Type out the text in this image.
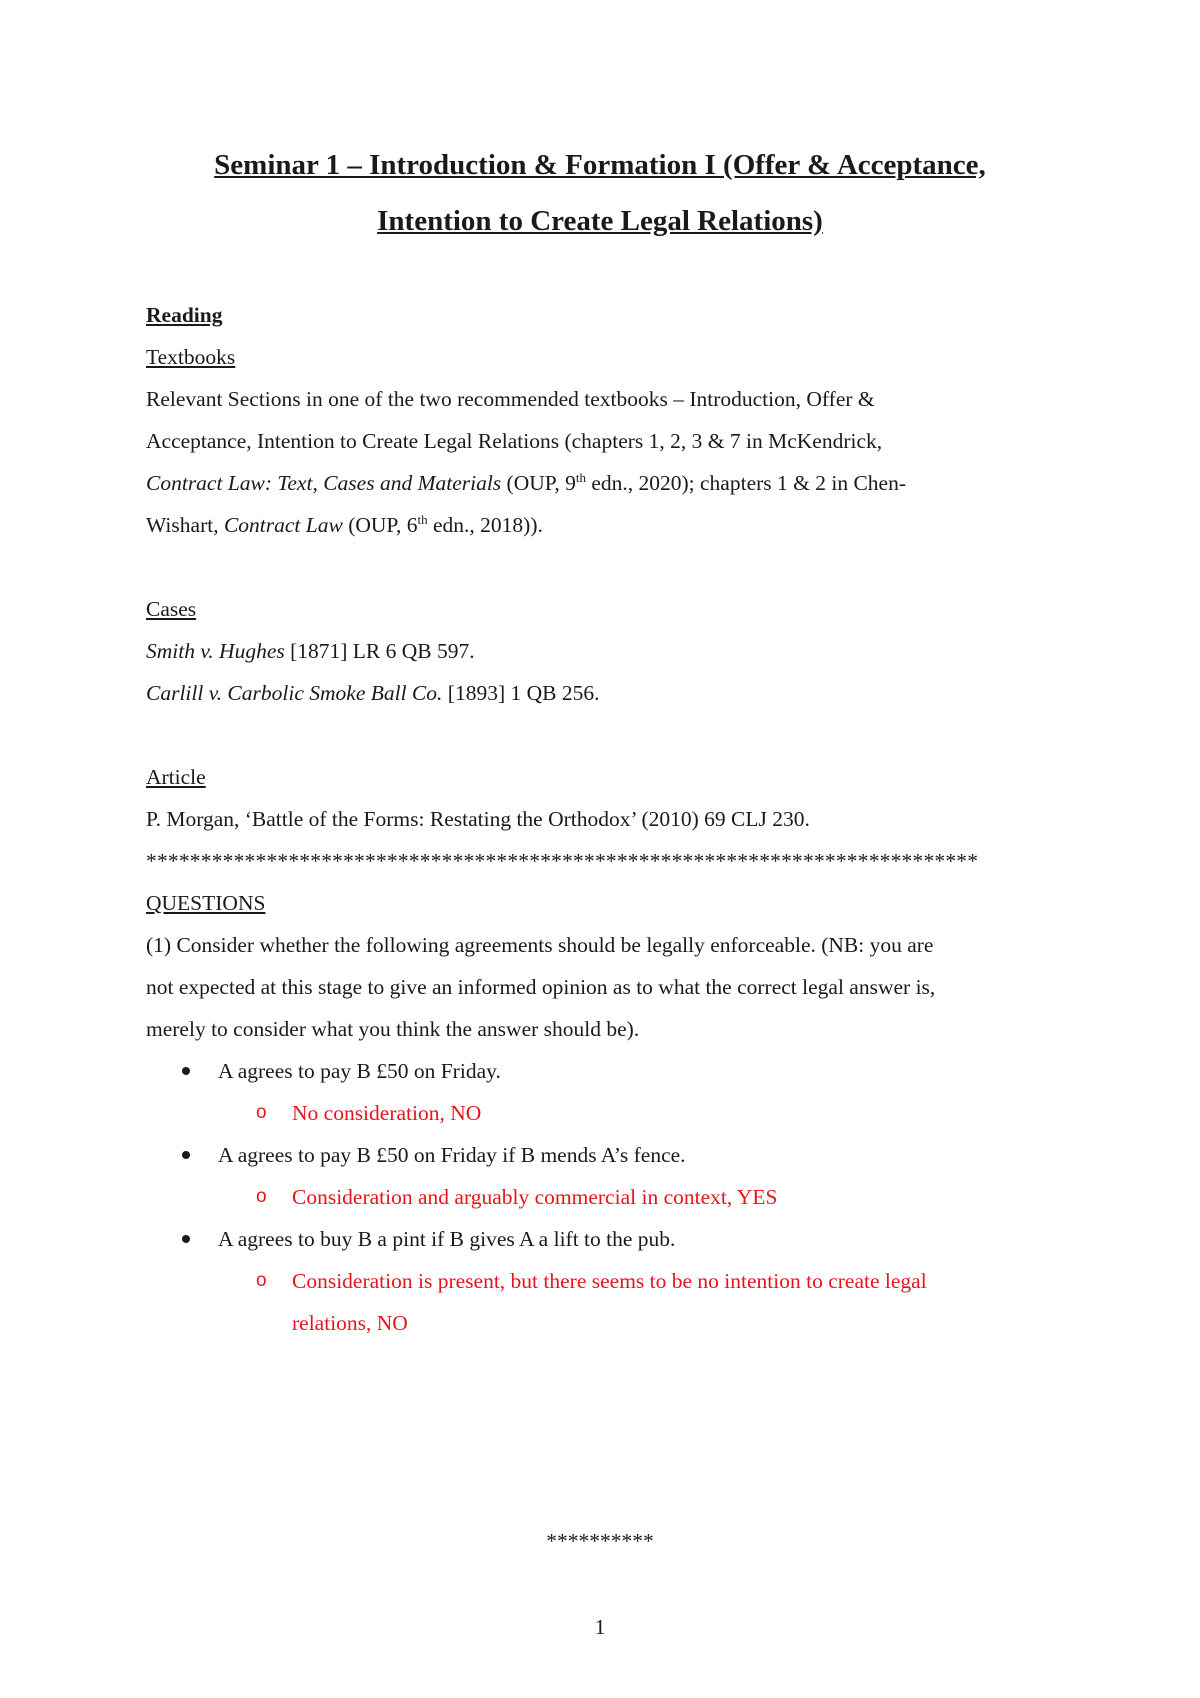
Seminar 1 – Introduction & Formation I (Offer & Acceptance,
Intention to Create Legal Relations)

Reading

Textbooks

Relevant Sections in one of the two recommended textbooks – Introduction, Offer &

Acceptance, Intention to Create Legal Relations (chapters 1, 2, 3 & 7 in McKendrick,

Contract Law: Text, Cases and Materials (OUP, 9th edn., 2020); chapters 1 & 2 in Chen-

Wishart, Contract Law (OUP, 6th edn., 2018)).

Cases

Smith v. Hughes [1871] LR 6 QB 597.

Carlill v. Carbolic Smoke Ball Co. [1893] 1 QB 256.

Article

P. Morgan, ‘Battle of the Forms: Restating the Orthodox’ (2010) 69 CLJ 230.

****************************************************************************

QUESTIONS

(1) Consider whether the following agreements should be legally enforceable. (NB: you are

not expected at this stage to give an informed opinion as to what the correct legal answer is,

merely to consider what you think the answer should be).

A agrees to pay B £50 on Friday.
o No consideration, NO
A agrees to pay B £50 on Friday if B mends A’s fence.
o Consideration and arguably commercial in context, YES
A agrees to buy B a pint if B gives A a lift to the pub.
o Consideration is present, but there seems to be no intention to create legal
relations, NO
**********
1
